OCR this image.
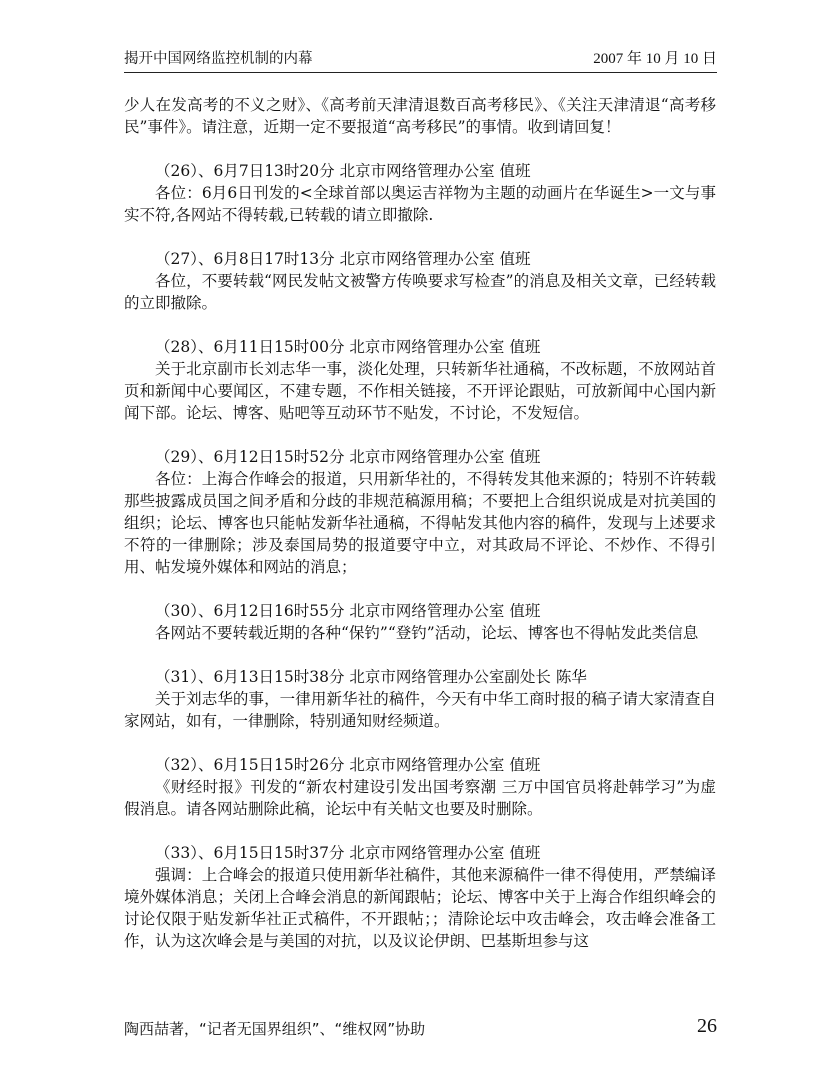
揭开中国网络监控机制的内幕	2007 年 10 月 10 日

少人在发高考的不义之财》、《高考前天津清退数百高考移民》、《关注天津清退“高考移民”事件》。请注意，近期一定不要报道“高考移民”的事情。收到请回复！

（26）、6月7日13时20分 北京市网络管理办公室 值班

各位：6月6日刊发的<全球首部以奥运吉祥物为主题的动画片在华诞生>一文与事实不符,各网站不得转载,已转载的请立即撤除.

（27）、6月8日17时13分 北京市网络管理办公室 值班

各位，不要转载“网民发帖文被警方传唤要求写检查”的消息及相关文章，已经转载的立即撤除。

（28）、6月11日15时00分 北京市网络管理办公室 值班

关于北京副市长刘志华一事，淡化处理，只转新华社通稿，不改标题，不放网站首页和新闻中心要闻区，不建专题，不作相关链接，不开评论跟贴，可放新闻中心国内新闻下部。论坛、博客、贴吧等互动环节不贴发，不讨论，不发短信。

（29）、6月12日15时52分 北京市网络管理办公室 值班

各位：上海合作峰会的报道，只用新华社的，不得转发其他来源的；特别不许转载那些披露成员国之间矛盾和分歧的非规范稿源用稿；不要把上合组织说成是对抗美国的组织；论坛、博客也只能帖发新华社通稿，不得帖发其他内容的稿件，发现与上述要求不符的一律删除；涉及泰国局势的报道要守中立，对其政局不评论、不炒作、不得引用、帖发境外媒体和网站的消息；

（30）、6月12日16时55分 北京市网络管理办公室 值班

各网站不要转载近期的各种“保钓”“登钓”活动，论坛、博客也不得帖发此类信息

（31）、6月13日15时38分 北京市网络管理办公室副处长 陈华

关于刘志华的事，一律用新华社的稿件，今天有中华工商时报的稿子请大家清查自家网站，如有，一律删除，特别通知财经频道。

（32）、6月15日15时26分 北京市网络管理办公室 值班

《财经时报》刊发的“新农村建设引发出国考察潮 三万中国官员将赴韩学习”为虚假消息。请各网站删除此稿，论坛中有关帖文也要及时删除。

（33）、6月15日15时37分 北京市网络管理办公室 值班

强调：上合峰会的报道只使用新华社稿件，其他来源稿件一律不得使用，严禁编译境外媒体消息；关闭上合峰会消息的新闻跟帖；论坛、博客中关于上海合作组织峰会的讨论仅限于贴发新华社正式稿件，不开跟帖；；清除论坛中攻击峰会，攻击峰会准备工作，认为这次峰会是与美国的对抗，以及议论伊朗、巴基斯坦参与这

陶西喆著，“记者无国界组织”、“维权网”协助	26
